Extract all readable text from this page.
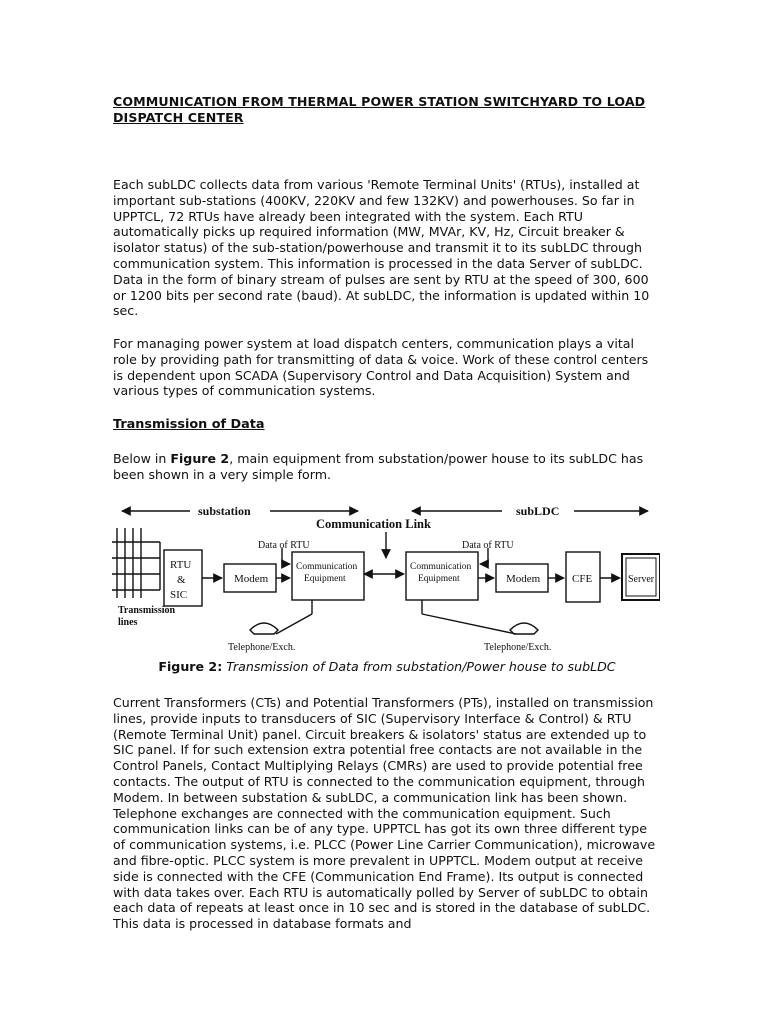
COMMUNICATION FROM THERMAL POWER STATION SWITCHYARD TO LOAD DISPATCH CENTER

Each subLDC collects data from various 'Remote Terminal Units' (RTUs), installed at important sub-stations (400KV, 220KV and few 132KV) and powerhouses. So far in UPPTCL, 72 RTUs have already been integrated with the system. Each RTU automatically picks up required information (MW, MVAr, KV, Hz, Circuit breaker & isolator status) of the sub-station/powerhouse and transmit it to its subLDC through communication system. This information is processed in the data Server of subLDC. Data in the form of binary stream of pulses are sent by RTU at the speed of 300, 600 or 1200 bits per second rate (baud). At subLDC, the information is updated within 10 sec.

For managing power system at load dispatch centers, communication plays a vital role by providing path for transmitting of data & voice. Work of these control centers is dependent upon SCADA (Supervisory Control and Data Acquisition) System and various types of communication systems.

Transmission of Data

Below in Figure 2, main equipment from substation/power house to its subLDC has been shown in a very simple form.

substation	subLDC
Communication Link
Data of RTU	Data of RTU
RTU
&
SIC
Modem
Communication
Equipment
Communication
Equipment	Modem	CFE	Server
Transmission
lines
Telephone/Exch.	Telephone/Exch.
Figure 2: Transmission of Data from substation/Power house to subLDC

Current Transformers (CTs) and Potential Transformers (PTs), installed on transmission lines, provide inputs to transducers of SIC (Supervisory Interface & Control) & RTU (Remote Terminal Unit) panel. Circuit breakers & isolators' status are extended up to SIC panel. If for such extension extra potential free contacts are not available in the Control Panels, Contact Multiplying Relays (CMRs) are used to provide potential free contacts. The output of RTU is connected to the communication equipment, through Modem. In between substation & subLDC, a communication link has been shown. Telephone exchanges are connected with the communication equipment. Such communication links can be of any type. UPPTCL has got its own three different type of communication systems, i.e. PLCC (Power Line Carrier Communication), microwave and fibre-optic. PLCC system is more prevalent in UPPTCL. Modem output at receive side is connected with the CFE (Communication End Frame). Its output is connected with data takes over. Each RTU is automatically polled by Server of subLDC to obtain each data of repeats at least once in 10 sec and is stored in the database of subLDC. This data is processed in database formats and
